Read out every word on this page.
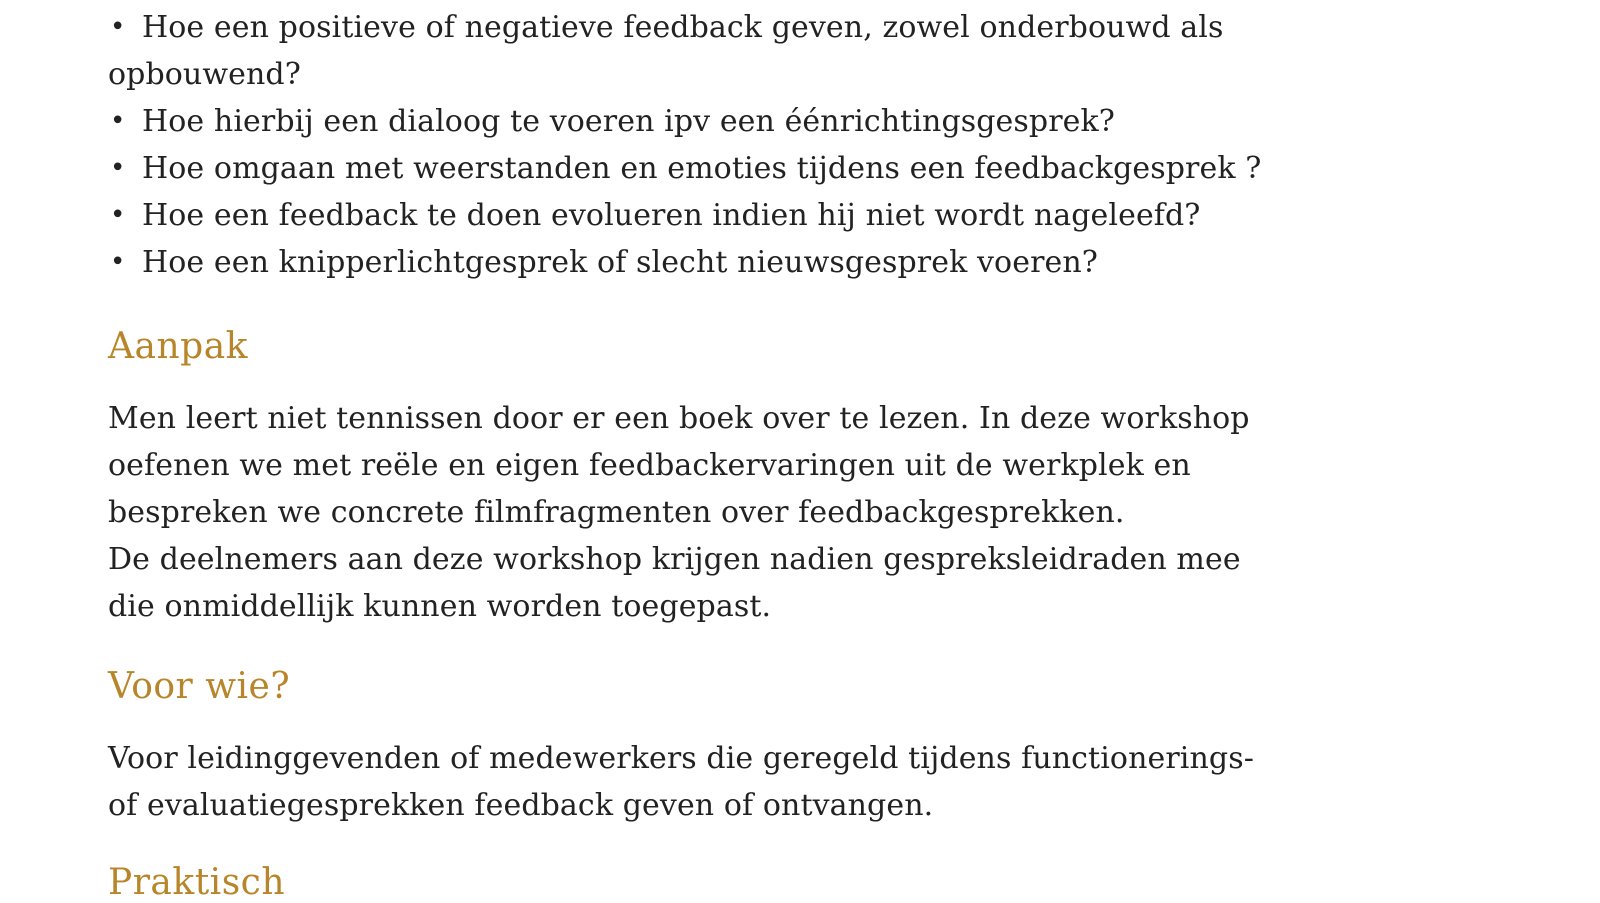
• Hoe een positieve of negatieve feedback geven, zowel onderbouwd als
opbouwend?
• Hoe hierbij een dialoog te voeren ipv een éénrichtingsgesprek?
• Hoe omgaan met weerstanden en emoties tijdens een feedbackgesprek ?
• Hoe een feedback te doen evolueren indien hij niet wordt nageleefd?
• Hoe een knipperlichtgesprek of slecht nieuwsgesprek voeren?
Aanpak

Men leert niet tennissen door er een boek over te lezen. In deze workshop
oefenen we met reële en eigen feedbackervaringen uit de werkplek en
bespreken we concrete filmfragmenten over feedbackgesprekken.
De deelnemers aan deze workshop krijgen nadien gespreksleidraden mee
die onmiddellijk kunnen worden toegepast.

Voor wie?

Voor leidinggevenden of medewerkers die geregeld tijdens functionerings-
of evaluatiegesprekken feedback geven of ontvangen.

Praktisch
